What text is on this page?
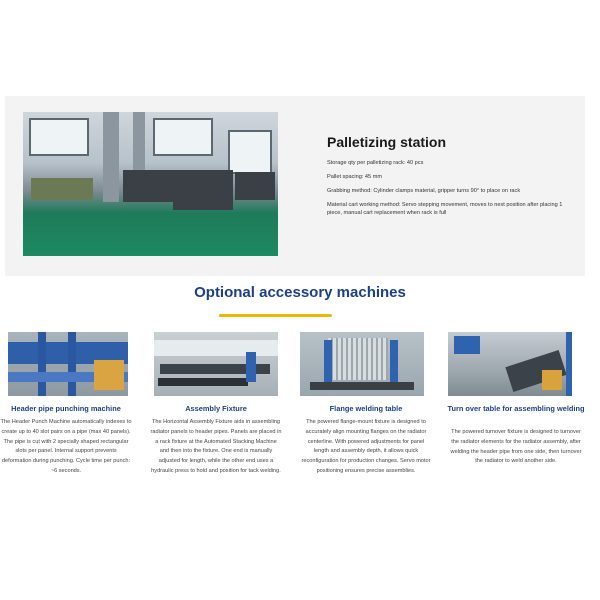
Palletizing station

Storage qty per palletizing rack: 40 pcs

Pallet spacing: 45 mm

Grabbing method: Cylinder clamps material, gripper turns 90° to place on rack

Material cart working method: Servo stepping movement, moves to next position after placing 1 piece, manual cart replacement when rack is full

Optional accessory machines
Header pipe punching machine

The Header Punch Machine automatically indexes to create up to 40 slot pairs on a pipe (max 40 panels). The pipe is cut with 2 specially shaped rectangular slots per panel. Internal support prevents deformation during punching. Cycle time per punch: ~6 seconds.

Assembly Fixture

The Horizontal Assembly Fixture aids in assembling radiator panels to header pipes. Panels are placed in a rack fixture at the Automated Stacking Machine and then into the fixture. One end is manually adjusted for length, while the other end uses a hydraulic press to hold and position for tack welding.

Flange welding table

The powered flange-mount fixture is designed to accurately align mounting flanges on the radiator centerline. With powered adjustments for panel length and assembly depth, it allows quick reconfiguration for production changes. Servo motor positioning ensures precise assemblies.

Turn over table for assembling welding

The powered turnover fixture is designed to turnover the radiator elements for the radiator assembly, after welding the header pipe from one side, then turnover the radiator to weld another side.
